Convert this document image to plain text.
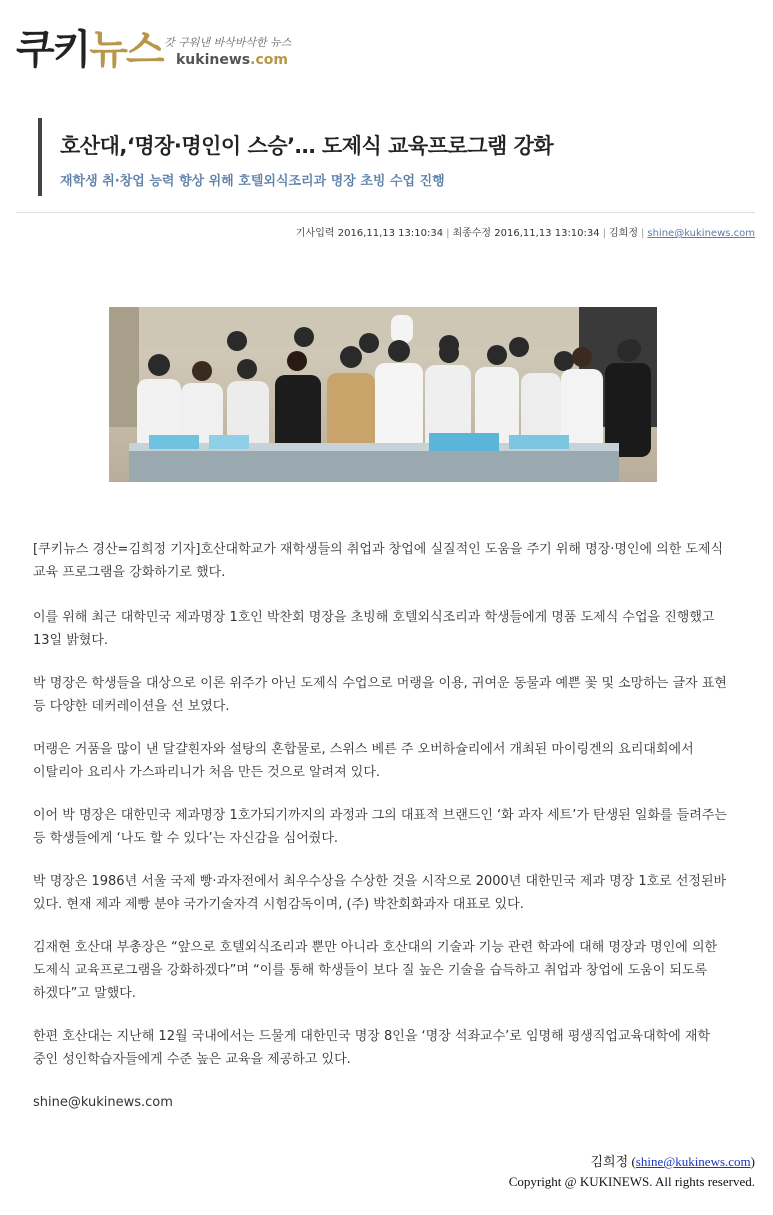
쿠키뉴스 갓 구워낸 바삭바삭한 뉴스
kukinews.com
호산대,‘명장·명인이 스승’… 도제식 교육프로그램 강화
재학생 취·창업 능력 향상 위해 호텔외식조리과 명장 초빙 수업 진행
기사입력 2016,11,13 13:10:34 | 최종수정 2016,11,13 13:10:34 | 김희정 | shine@kukinews.com

[쿠키뉴스 경산=김희정 기자]호산대학교가 재학생들의 취업과 창업에 실질적인 도움을 주기 위해 명장·명인에 의한 도제식 교육 프로그램을 강화하기로 했다.

이를 위해 최근 대학민국 제과명장 1호인 박찬회 명장을 초빙해 호텔외식조리과 학생들에게 명품 도제식 수업을 진행했고 13일 밝혔다.

박 명장은 학생들을 대상으로 이론 위주가 아닌 도제식 수업으로 머랭을 이용, 귀여운 동물과 예쁜 꽃 및 소망하는 글자 표현 등 다양한 데커레이션을 선 보였다.

머랭은 거품을 많이 낸 달걀흰자와 설탕의 혼합물로, 스위스 베른 주 오버하슐리에서 개최된 마이링겐의 요리대회에서 이탈리아 요리사 가스파리니가 처음 만든 것으로 알려져 있다.

이어 박 명장은 대한민국 제과명장 1호가되기까지의 과정과 그의 대표적 브랜드인 ‘화 과자 세트’가 탄생된 일화를 들려주는 등 학생들에게 ‘나도 할 수 있다’는 자신감을 심어줬다.

박 명장은 1986년 서울 국제 빵·과자전에서 최우수상을 수상한 것을 시작으로 2000년 대한민국 제과 명장 1호로 선정된바 있다. 현재 제과 제빵 분야 국가기술자격 시험감독이며, (주) 박찬회화과자 대표로 있다.

김재현 호산대 부총장은 “앞으로 호텔외식조리과 뿐만 아니라 호산대의 기술과 기능 관련 학과에 대해 명장과 명인에 의한 도제식 교육프로그램을 강화하겠다”며 “이를 통해 학생들이 보다 질 높은 기술을 습득하고 취업과 창업에 도움이 되도록 하겠다”고 말했다.

한편 호산대는 지난해 12월 국내에서는 드물게 대한민국 명장 8인을 ‘명장 석좌교수’로 임명해 평생직업교육대학에 재학 중인 성인학습자들에게 수준 높은 교육을 제공하고 있다.

shine@kukinews.com

김희정 (shine@kukinews.com)
Copyright @ KUKINEWS. All rights reserved.
